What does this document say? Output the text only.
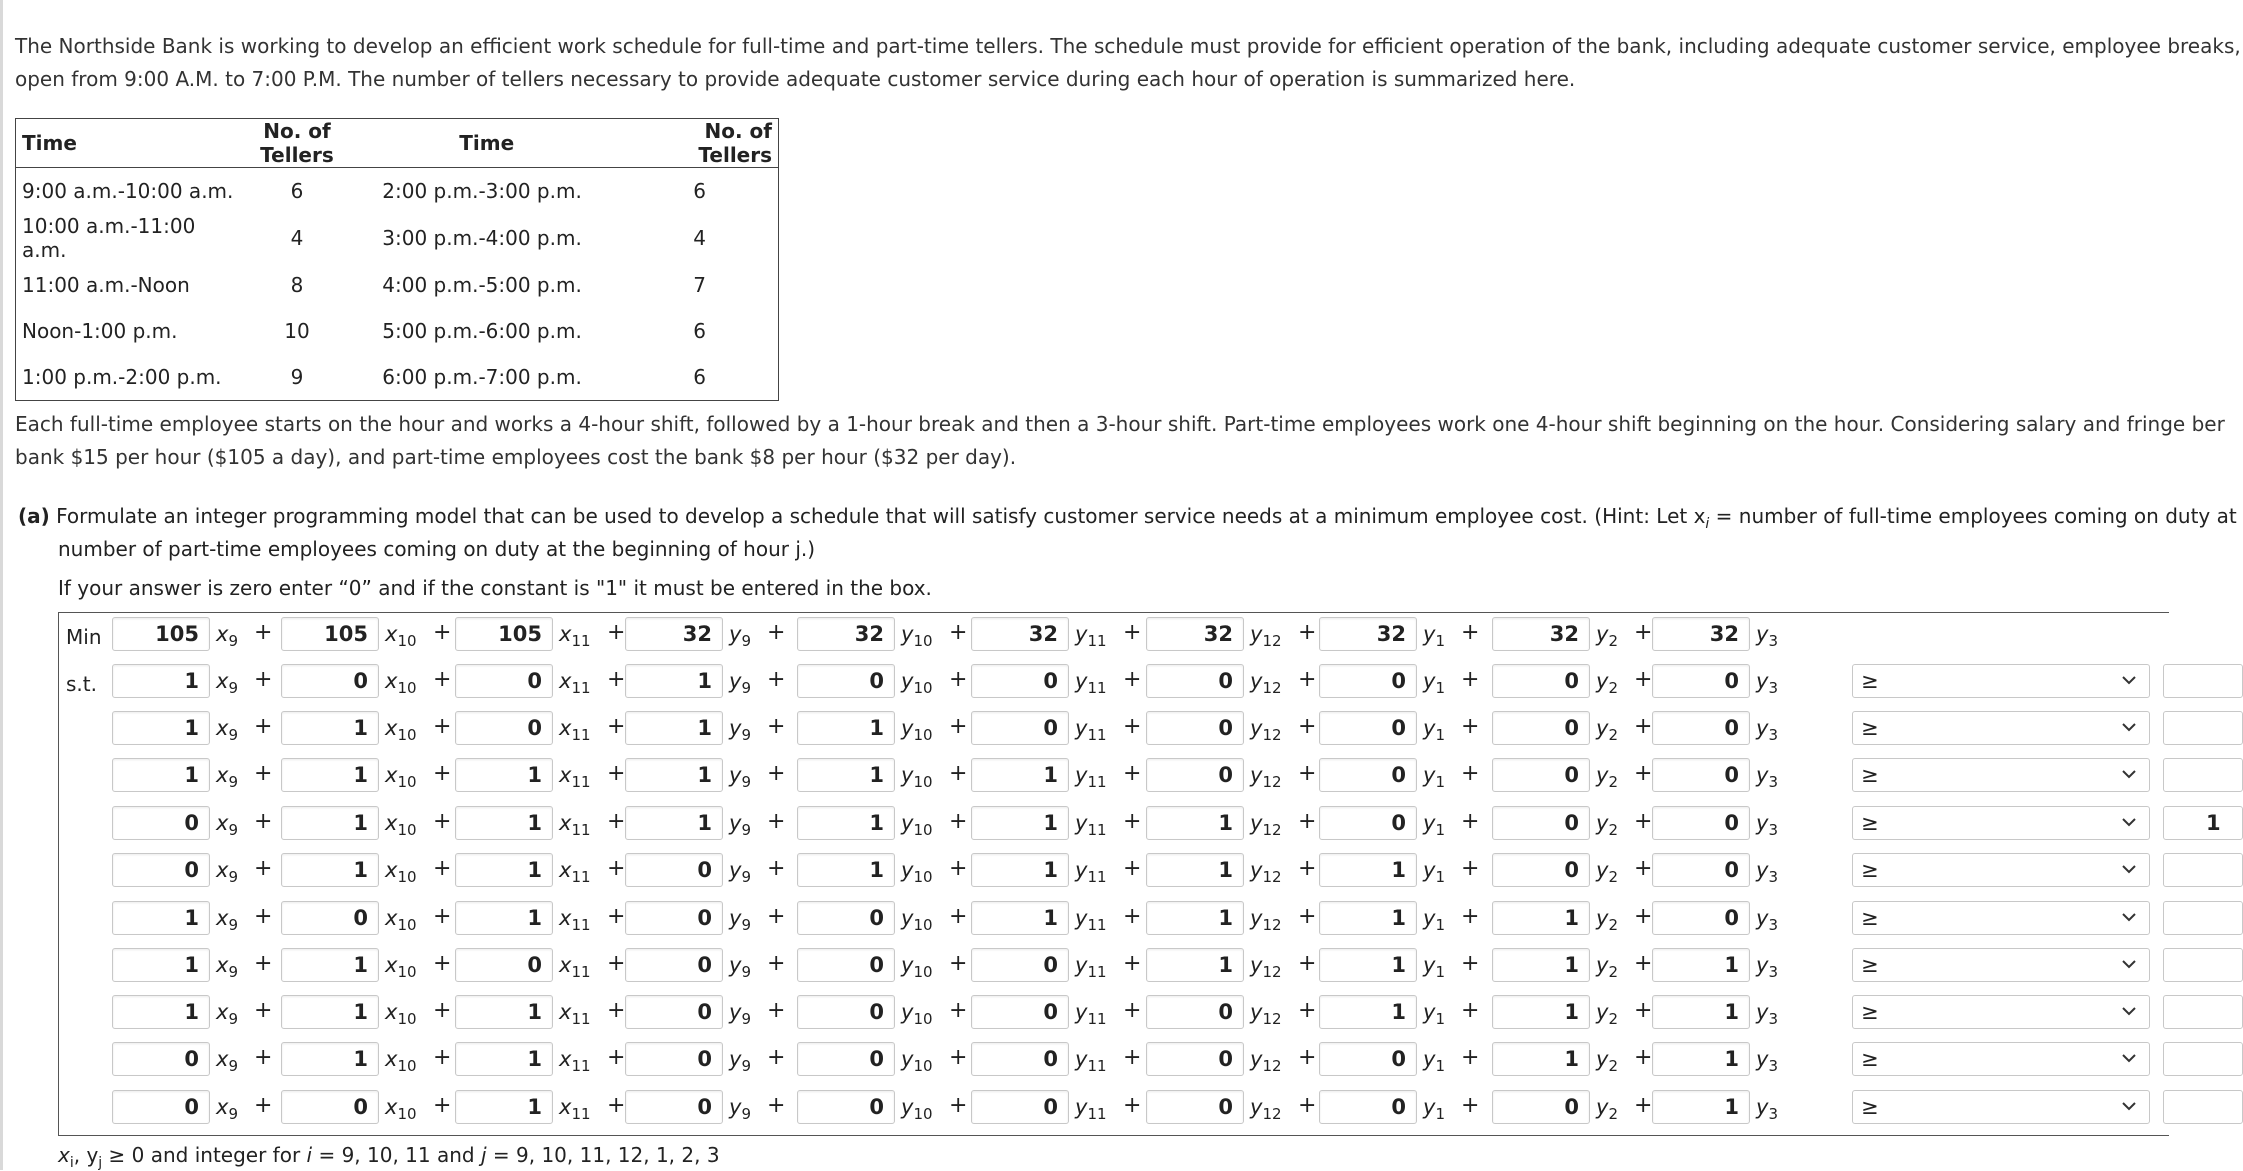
The Northside Bank is working to develop an efficient work schedule for full-time and part-time tellers. The schedule must provide for efficient operation of the bank, including adequate customer service, employee breaks,
open from 9:00 A.M. to 7:00 P.M. The number of tellers necessary to provide adequate customer service during each hour of operation is summarized here.
Time	No. of Tellers	Time	No. of Tellers
9:00 a.m.-10:00 a.m.	6	2:00 p.m.-3:00 p.m.	6
10:00 a.m.-11:00 a.m.	4	3:00 p.m.-4:00 p.m.	4
11:00 a.m.-Noon	8	4:00 p.m.-5:00 p.m.	7
Noon-1:00 p.m.	10	5:00 p.m.-6:00 p.m.	6
1:00 p.m.-2:00 p.m.	9	6:00 p.m.-7:00 p.m.	6
Each full-time employee starts on the hour and works a 4-hour shift, followed by a 1-hour break and then a 3-hour shift. Part-time employees work one 4-hour shift beginning on the hour. Considering salary and fringe ber
bank $15 per hour ($105 a day), and part-time employees cost the bank $8 per hour ($32 per day).
(a) Formulate an integer programming model that can be used to develop a schedule that will satisfy customer service needs at a minimum employee cost. (Hint: Let $x_i$ = number of full-time employees coming on duty at
number of part-time employees coming on duty at the beginning of hour j.)
If your answer is zero enter “0” and if the constant is "1" it must be entered in the box.
Min	105 $x_9$ +	105 $x_{10}$ +	105 $x_{11}$ +	32 $y_9$ +	32 $y_{10}$ +	32 $y_{11}$ +	32 $y_{12}$ +	32 $y_1$ +	32 $y_2$ +	32 $y_3$
s.t.	1 $x_9$ +	0 $x_{10}$ +	0 $x_{11}$ +	1 $y_9$ +	0 $y_{10}$ +	0 $y_{11}$ +	0 $y_{12}$ +	0 $y_1$ +	0 $y_2$ +	0 $y_3$	≥
1 $x_9$ +	1 $x_{10}$ +	0 $x_{11}$ +	1 $y_9$ +	1 $y_{10}$ +	0 $y_{11}$ +	0 $y_{12}$ +	0 $y_1$ +	0 $y_2$ +	0 $y_3$	≥
1 $x_9$ +	1 $x_{10}$ +	1 $x_{11}$ +	1 $y_9$ +	1 $y_{10}$ +	1 $y_{11}$ +	0 $y_{12}$ +	0 $y_1$ +	0 $y_2$ +	0 $y_3$	≥
0 $x_9$ +	1 $x_{10}$ +	1 $x_{11}$ +	1 $y_9$ +	1 $y_{10}$ +	1 $y_{11}$ +	1 $y_{12}$ +	0 $y_1$ +	0 $y_2$ +	0 $y_3$	≥	1
0 $x_9$ +	1 $x_{10}$ +	1 $x_{11}$ +	0 $y_9$ +	1 $y_{10}$ +	1 $y_{11}$ +	1 $y_{12}$ +	1 $y_1$ +	0 $y_2$ +	0 $y_3$	≥
1 $x_9$ +	0 $x_{10}$ +	1 $x_{11}$ +	0 $y_9$ +	0 $y_{10}$ +	1 $y_{11}$ +	1 $y_{12}$ +	1 $y_1$ +	1 $y_2$ +	0 $y_3$	≥
1 $x_9$ +	1 $x_{10}$ +	0 $x_{11}$ +	0 $y_9$ +	0 $y_{10}$ +	0 $y_{11}$ +	1 $y_{12}$ +	1 $y_1$ +	1 $y_2$ +	1 $y_3$	≥
1 $x_9$ +	1 $x_{10}$ +	1 $x_{11}$ +	0 $y_9$ +	0 $y_{10}$ +	0 $y_{11}$ +	0 $y_{12}$ +	1 $y_1$ +	1 $y_2$ +	1 $y_3$	≥
0 $x_9$ +	1 $x_{10}$ +	1 $x_{11}$ +	0 $y_9$ +	0 $y_{10}$ +	0 $y_{11}$ +	0 $y_{12}$ +	0 $y_1$ +	1 $y_2$ +	1 $y_3$	≥
0 $x_9$ +	0 $x_{10}$ +	1 $x_{11}$ +	0 $y_9$ +	0 $y_{10}$ +	0 $y_{11}$ +	0 $y_{12}$ +	0 $y_1$ +	0 $y_2$ +	1 $y_3$	≥
$x_i$, $y_j \ge 0$ and integer for i = 9, 10, 11 and j = 9, 10, 11, 12, 1, 2, 3
